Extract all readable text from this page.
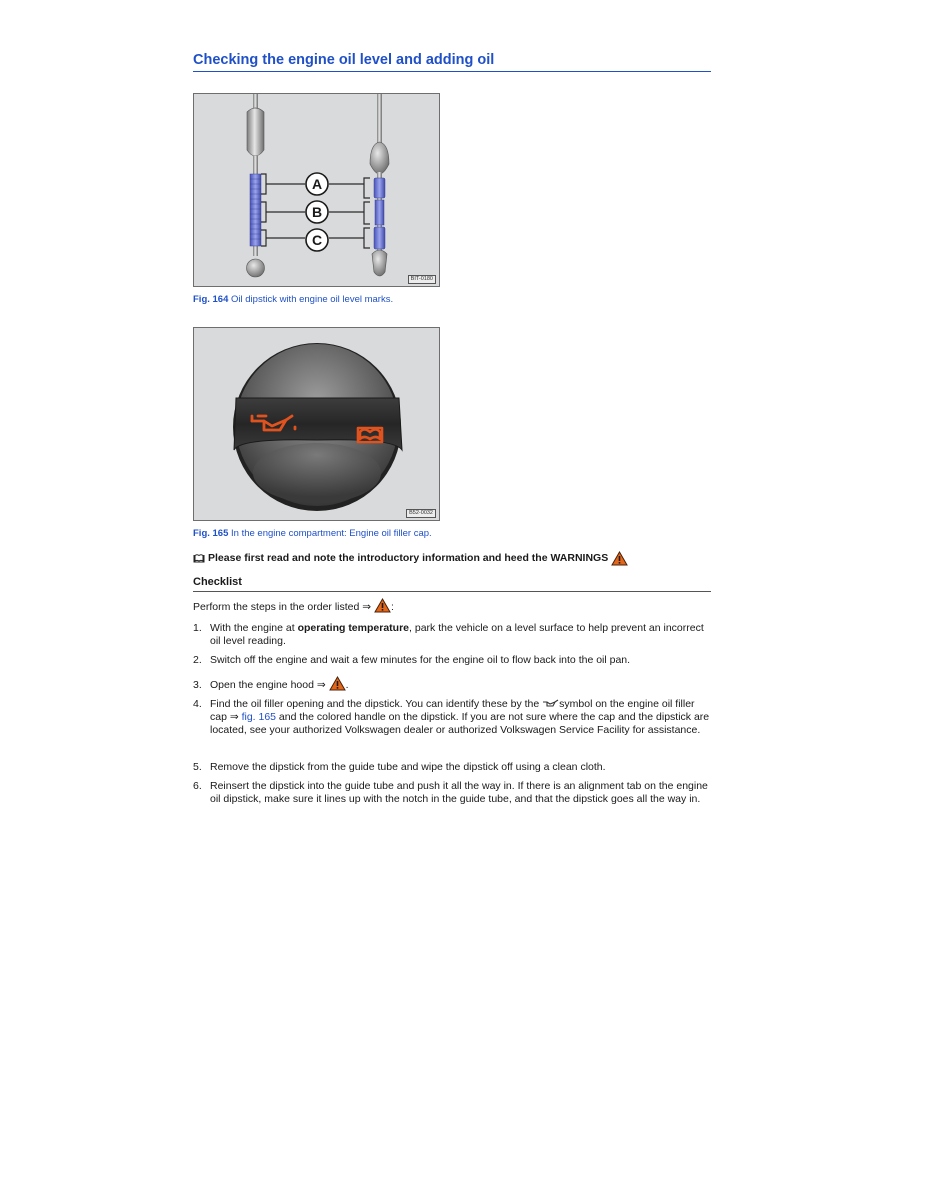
Checking the engine oil level and adding oil
A
B
C
BIT-0180
Fig. 164 Oil dipstick with engine oil level marks.
B52-0032
Fig. 165 In the engine compartment: Engine oil filler cap.
Please first read and note the introductory information and heed the WARNINGS
Checklist
Perform the steps in the order listed ⇒ :
1. With the engine at operating temperature, park the vehicle on a level surface to help prevent an incorrect oil level reading.
2. Switch off the engine and wait a few minutes for the engine oil to flow back into the oil pan.
3. Open the engine hood ⇒ .
4. Find the oil filler opening and the dipstick. You can identify these by the symbol on the engine oil filler cap ⇒ fig. 165 and the colored handle on the dipstick. If you are not sure where the cap and the dipstick are located, see your authorized Volkswagen dealer or authorized Volkswagen Service Facility for assistance.
5. Remove the dipstick from the guide tube and wipe the dipstick off using a clean cloth.
6. Reinsert the dipstick into the guide tube and push it all the way in. If there is an alignment tab on the engine oil dipstick, make sure it lines up with the notch in the guide tube, and that the dipstick goes all the way in.
